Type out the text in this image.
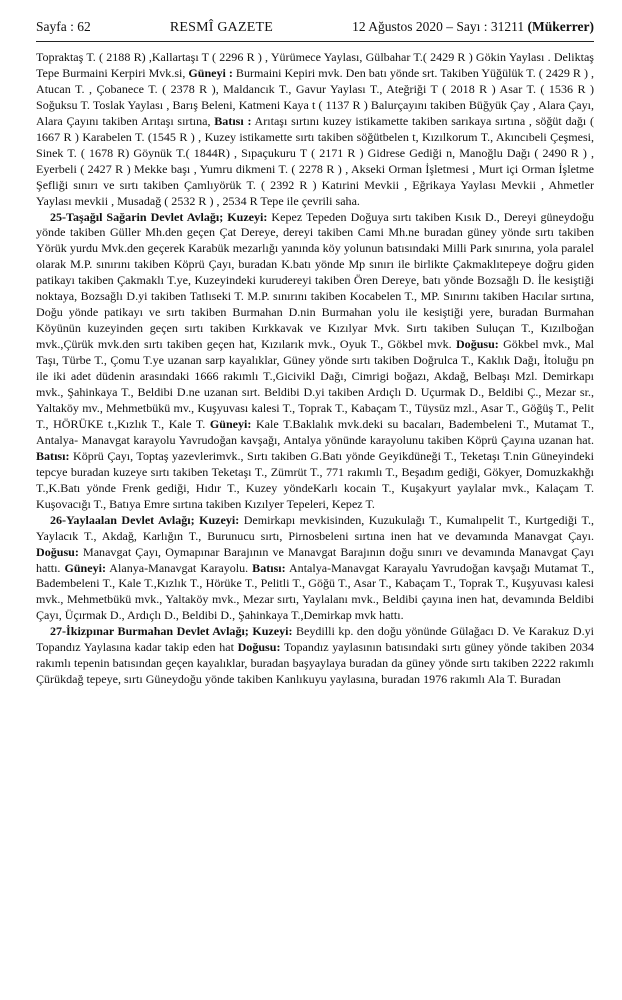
Sayfa : 62	RESMÎ GAZETE	12 Ağustos 2020 – Sayı : 31211 (Mükerrer)

Topraktaş T. ( 2188 R) ,Kallartaşı T ( 2296 R ) , Yürümece Yaylası, Gülbahar T.( 2429 R ) Gökin Yaylası . Deliktaş Tepe Burmaini Kerpiri Mvk.si, Güneyi : Burmaini Kepiri mvk. Den batı yönde srt. Takiben Yüğülük T. ( 2429 R ) , Atucan T. , Çobanece T. ( 2378 R ), Maldancık T., Gavur Yaylası T., Ateğriği T ( 2018 R ) Asar T. ( 1536 R ) Soğuksu T. Toslak Yaylası , Barış Beleni, Katmeni Kaya t ( 1137 R ) Balurçayını takiben Büğyük Çay , Alara Çayı, Alara Çayını takiben Arıtaşı sırtına, Batısı : Arıtaşı sırtını kuzey istikamette takiben sarıkaya sırtına , söğüt dağı ( 1667 R ) Karabelen T. (1545 R ) , Kuzey istikamette sırtı takiben söğütbelen t, Kızılkorum T., Akıncıbeli Çeşmesi, Sinek T. ( 1678 R) Göynük T.( 1844R) , Sıpaçukuru T ( 2171 R ) Gidrese Gediği n, Manoğlu Dağı ( 2490 R ) , Eyerbeli ( 2427 R ) Mekke başı , Yumru dikmeni T. ( 2278 R ) , Akseki Orman İşletmesi , Murt içi Orman İşletme Şefliği sınırı ve sırtı takiben Çamlıyörük T. ( 2392 R ) Katırini Mevkii , Eğrikaya Yaylası Mevkii , Ahmetler Yaylası mevkii , Musadağ ( 2532 R ) , 2534 R Tepe ile çevrili saha.

25-Taşağıl Sağarin Devlet Avlağı; Kuzeyi: Kepez Tepeden Doğuya sırtı takiben Kısık D., Dereyi güneydoğu yönde takiben Güller Mh.den geçen Çat Dereye, dereyi takiben Cami Mh.ne buradan güney yönde sırtı takiben Yörük yurdu Mvk.den geçerek Karabük mezarlığı yanında köy yolunun batısındaki Milli Park sınırına, yola paralel olarak M.P. sınırını takiben Köprü Çayı, buradan K.batı yönde Mp sınırı ile birlikte Çakmaklıtepeye doğru giden patikayı takiben Çakmaklı T.ye, Kuzeyindeki kurudereyi takiben Ören Dereye, batı yönde Bozsağlı D. İle kesiştiği noktaya, Bozsağlı D.yi takiben Tatlıseki T. M.P. sınırını takiben Kocabelen T., MP. Sınırını takiben Hacılar sırtına, Doğu yönde patikayı ve sırtı takiben Burmahan D.nin Burmahan yolu ile kesiştiği yere, buradan Burmahan Köyünün kuzeyinden geçen sırtı takiben Kırkkavak ve Kızılyar Mvk. Sırtı takiben Suluçan T., Kızılboğan mvk.,Çürük mvk.den sırtı takiben geçen hat, Kızılarık mvk., Oyuk T., Gökbel mvk. Doğusu: Gökbel mvk., Mal Taşı, Türbe T., Çomu T.ye uzanan sarp kayalıklar, Güney yönde sırtı takiben Doğrulca T., Kaklık Dağı, İtoluğu pn ile iki adet düdenin arasındaki 1666 rakımlı T.,Gicivikl Dağı, Cimrigi boğazı, Akdağ, Belbaşı Mzl. Demirkapı mvk., Şahinkaya T., Beldibi D.ne uzanan sırt. Beldibi D.yi takiben Ardıçlı D. Uçurmak D., Beldibi Ç., Mezar sr., Yaltaköy mv., Mehmetbükü mv., Kuşyuvası kalesi T., Toprak T., Kabaçam T., Tüysüz mzl., Asar T., Göğüş T., Pelit T., HÖRÜKE t.,Kızlık T., Kale T. Güneyi: Kale T.Baklalık mvk.deki su bacaları, Badembeleni T., Mutamat T., Antalya- Manavgat karayolu Yavrudoğan kavşağı, Antalya yönünde karayolunu takiben Köprü Çayına uzanan hat. Batısı: Köprü Çayı, Toptaş yazevlerimvk., Sırtı takiben G.Batı yönde Geyikdüneği T., Teketaşı T.nin Güneyindeki tepcye buradan kuzeye sırtı takiben Teketaşı T., Zümrüt T., 771 rakımlı T., Beşadım gediği, Gökyer, Domuzkakhğı T.,K.Batı yönde Frenk gediği, Hıdır T., Kuzey yöndeKarlı kocain T., Kuşakyurt yaylalar mvk., Kalaçam T. Kuşovacığı T., Batıya Emre sırtına takiben Kızılyer Tepeleri, Kepez T.

26-Yaylaalan Devlet Avlağı; Kuzeyi: Demirkapı mevkisinden, Kuzukulağı T., Kumalıpelit T., Kurtgediği T., Yaylacık T., Akdağ, Karlığın T., Burunucu sırtı, Pirnosbeleni sırtına inen hat ve devamında Manavgat Çayı. Doğusu: Manavgat Çayı, Oymapınar Barajının ve Manavgat Barajının doğu sınırı ve devamında Manavgat Çayı hattı. Güneyi: Alanya-Manavgat Karayolu. Batısı: Antalya-Manavgat Karayalu Yavrudoğan kavşağı Mutamat T., Badembeleni T., Kale T.,Kızlık T., Hörüke T., Pelitli T., Göğü T., Asar T., Kabaçam T., Toprak T., Kuşyuvası kalesi mvk., Mehmetbükü mvk., Yaltaköy mvk., Mezar sırtı, Yaylalanı mvk., Beldibi çayına inen hat, devamında Beldibi Çayı, Üçırmak D., Ardıçlı D., Beldibi D., Şahinkaya T.,Demirkap mvk hattı.

27-İkizpınar Burmahan Devlet Avlağı; Kuzeyi: Beydilli kp. den doğu yönünde Gülağacı D. Ve Karakuz D.yi Topandız Yaylasına kadar takip eden hat Doğusu: Topandız yaylasının batısındaki sırtı güney yönde takiben 2034 rakımlı tepenin batısından geçen kayalıklar, buradan başyaylaya buradan da güney yönde sırtı takiben 2222 rakımlı Çürükdağ tepeye, sırtı Güneydoğu yönde takiben Kanlıkuyu yaylasına, buradan 1976 rakımlı Ala T. Buradan
